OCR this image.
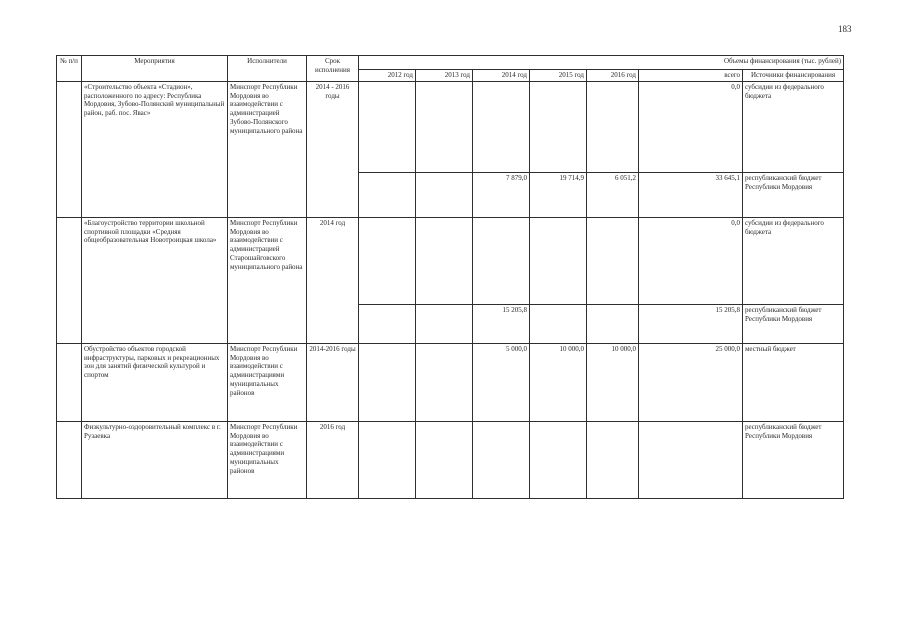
183
№ п/п	Мероприятия	Исполнители	Срок исполнения	Объемы финансирования (тыс. рублей)						
				2012 год	2013 год	2014 год	2015 год	2016 год	всего	Источники финансирования
	«Строительство объекта «Стадион», расположенного по адресу: Республика Мордовия, Зубово-Полянский муниципальный район, раб. пос. Явас»	Минспорт Республики Мордовия во взаимодействии с администрацией Зубово-Полянского муниципального района	2014 - 2016 годы						0,0	субсидии из федерального бюджета
						7 879,0	19 714,9	6 051,2	33 645,1	республиканский бюджет Республики Мордовия
	«Благоустройство территории школьной спортивной площадки «Средняя общеобразовательная Новотроицкая школа»	Минспорт Республики Мордовия во взаимодействии с администрацией Старошайговского муниципального района	2014 год						0,0	субсидии из федерального бюджета
						15 205,8			15 205,8	республиканский бюджет Республики Мордовия
	Обустройство объектов городской инфраструктуры, парковых и рекреационных зон для занятий физической культурой и спортом	Минспорт Республики Мордовия во взаимодействии с администрациями муниципальных районов	2014-2016 годы			5 000,0	10 000,0	10 000,0	25 000,0	местный бюджет
	Физкультурно-оздоровительный комплекс в г. Рузаевка	Минспорт Республики Мордовия во взаимодействии с администрациями муниципальных районов	2016 год							республиканский бюджет Республики Мордовия
